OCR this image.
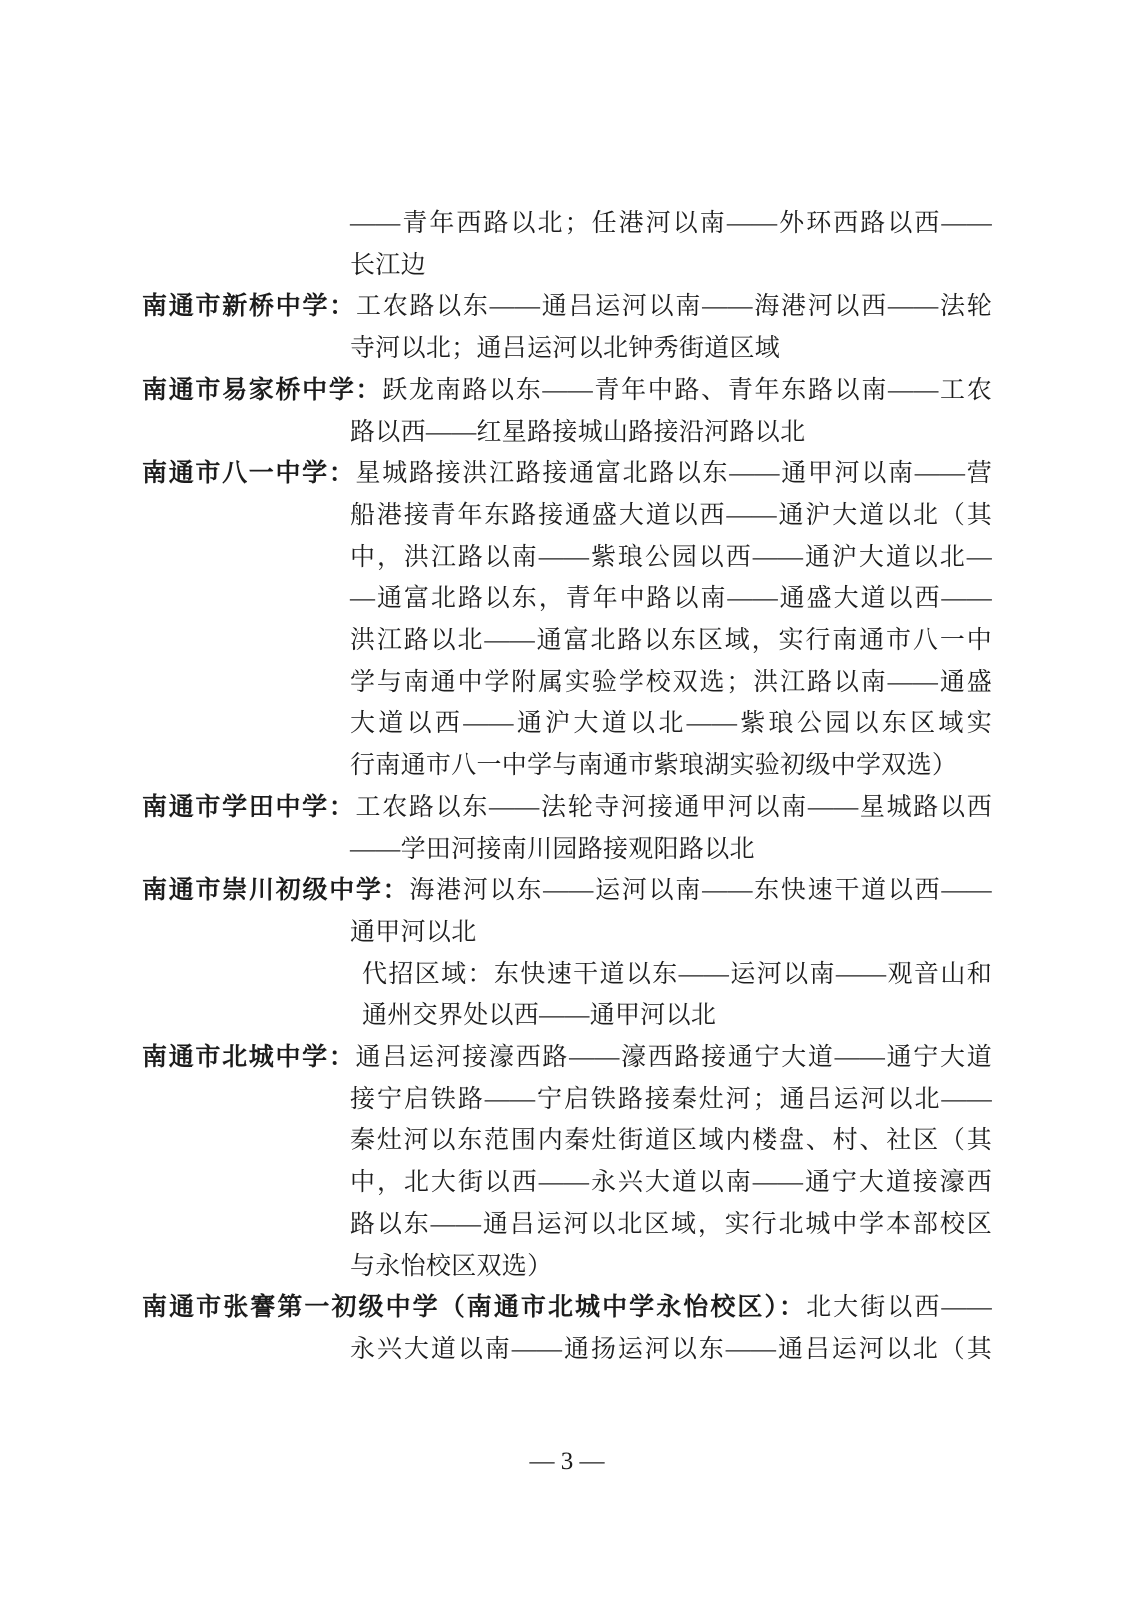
——青年西路以北；任港河以南——外环西路以西——
长江边
南通市新桥中学：工农路以东——通吕运河以南——海港河以西——法轮
寺河以北；通吕运河以北钟秀街道区域
南通市易家桥中学：跃龙南路以东——青年中路、青年东路以南——工农
路以西——红星路接城山路接沿河路以北
南通市八一中学：星城路接洪江路接通富北路以东——通甲河以南——营
船港接青年东路接通盛大道以西——通沪大道以北（其
中，洪江路以南——紫琅公园以西——通沪大道以北—
—通富北路以东，青年中路以南——通盛大道以西——
洪江路以北——通富北路以东区域，实行南通市八一中
学与南通中学附属实验学校双选；洪江路以南——通盛
大道以西——通沪大道以北——紫琅公园以东区域实
行南通市八一中学与南通市紫琅湖实验初级中学双选）
南通市学田中学：工农路以东——法轮寺河接通甲河以南——星城路以西
——学田河接南川园路接观阳路以北
南通市崇川初级中学：海港河以东——运河以南——东快速干道以西——
通甲河以北
代招区域：东快速干道以东——运河以南——观音山和
通州交界处以西——通甲河以北
南通市北城中学：通吕运河接濠西路——濠西路接通宁大道——通宁大道
接宁启铁路——宁启铁路接秦灶河；通吕运河以北——
秦灶河以东范围内秦灶街道区域内楼盘、村、社区（其
中，北大街以西——永兴大道以南——通宁大道接濠西
路以东——通吕运河以北区域，实行北城中学本部校区
与永怡校区双选）
南通市张謇第一初级中学（南通市北城中学永怡校区）：北大街以西——
永兴大道以南——通扬运河以东——通吕运河以北（其
— 3 —
